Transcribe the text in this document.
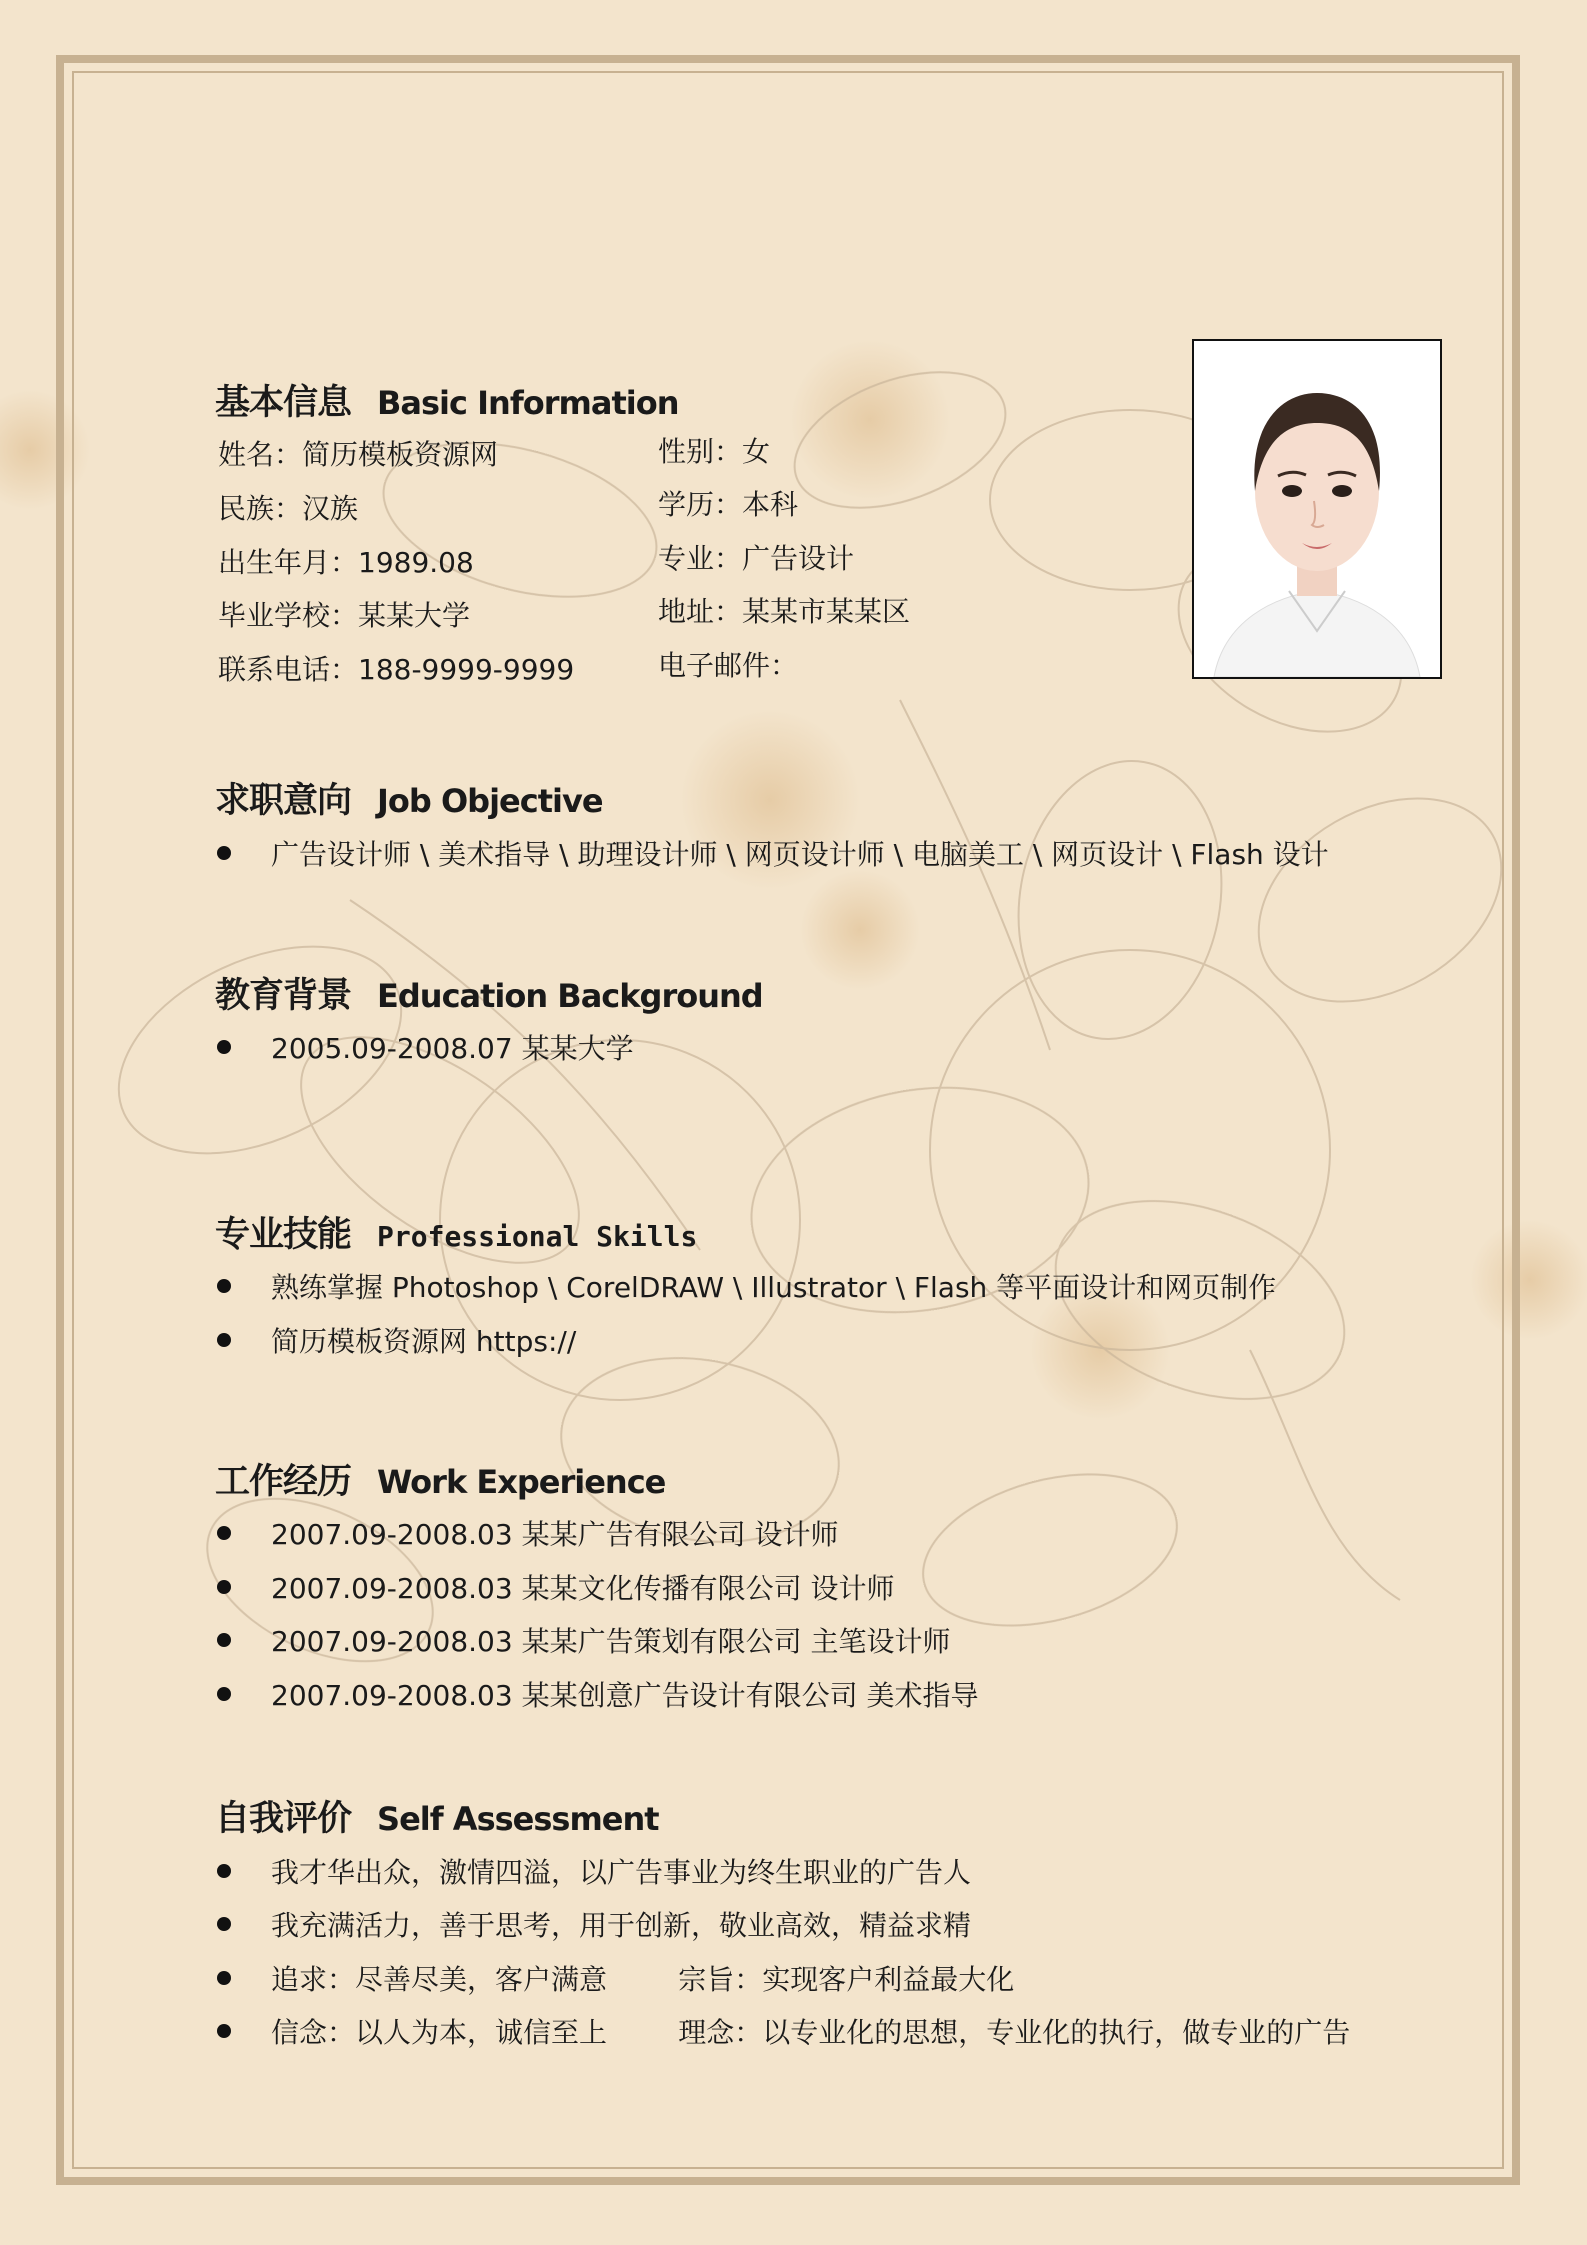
基本信息 Basic Information
姓名：简历模板资源网
民族：汉族
出生年月：1989.08
毕业学校：某某大学
联系电话：188-9999-9999
性别：女
学历：本科
专业：广告设计
地址：某某市某某区
电子邮件：
求职意向 Job Objective
广告设计师 \ 美术指导 \ 助理设计师 \ 网页设计师 \ 电脑美工 \ 网页设计 \ Flash 设计
教育背景 Education Background
2005.09-2008.07 某某大学
专业技能 Professional Skills
熟练掌握 Photoshop \ CorelDRAW \ Illustrator \ Flash 等平面设计和网页制作
简历模板资源网 https://
工作经历 Work Experience
2007.09-2008.03 某某广告有限公司 设计师
2007.09-2008.03 某某文化传播有限公司 设计师
2007.09-2008.03 某某广告策划有限公司 主笔设计师
2007.09-2008.03 某某创意广告设计有限公司 美术指导
自我评价 Self Assessment
我才华出众，激情四溢，以广告事业为终生职业的广告人
我充满活力，善于思考，用于创新，敬业高效，精益求精
追求：尽善尽美，客户满意        宗旨：实现客户利益最大化
信念：以人为本，诚信至上        理念：以专业化的思想，专业化的执行，做专业的广告
